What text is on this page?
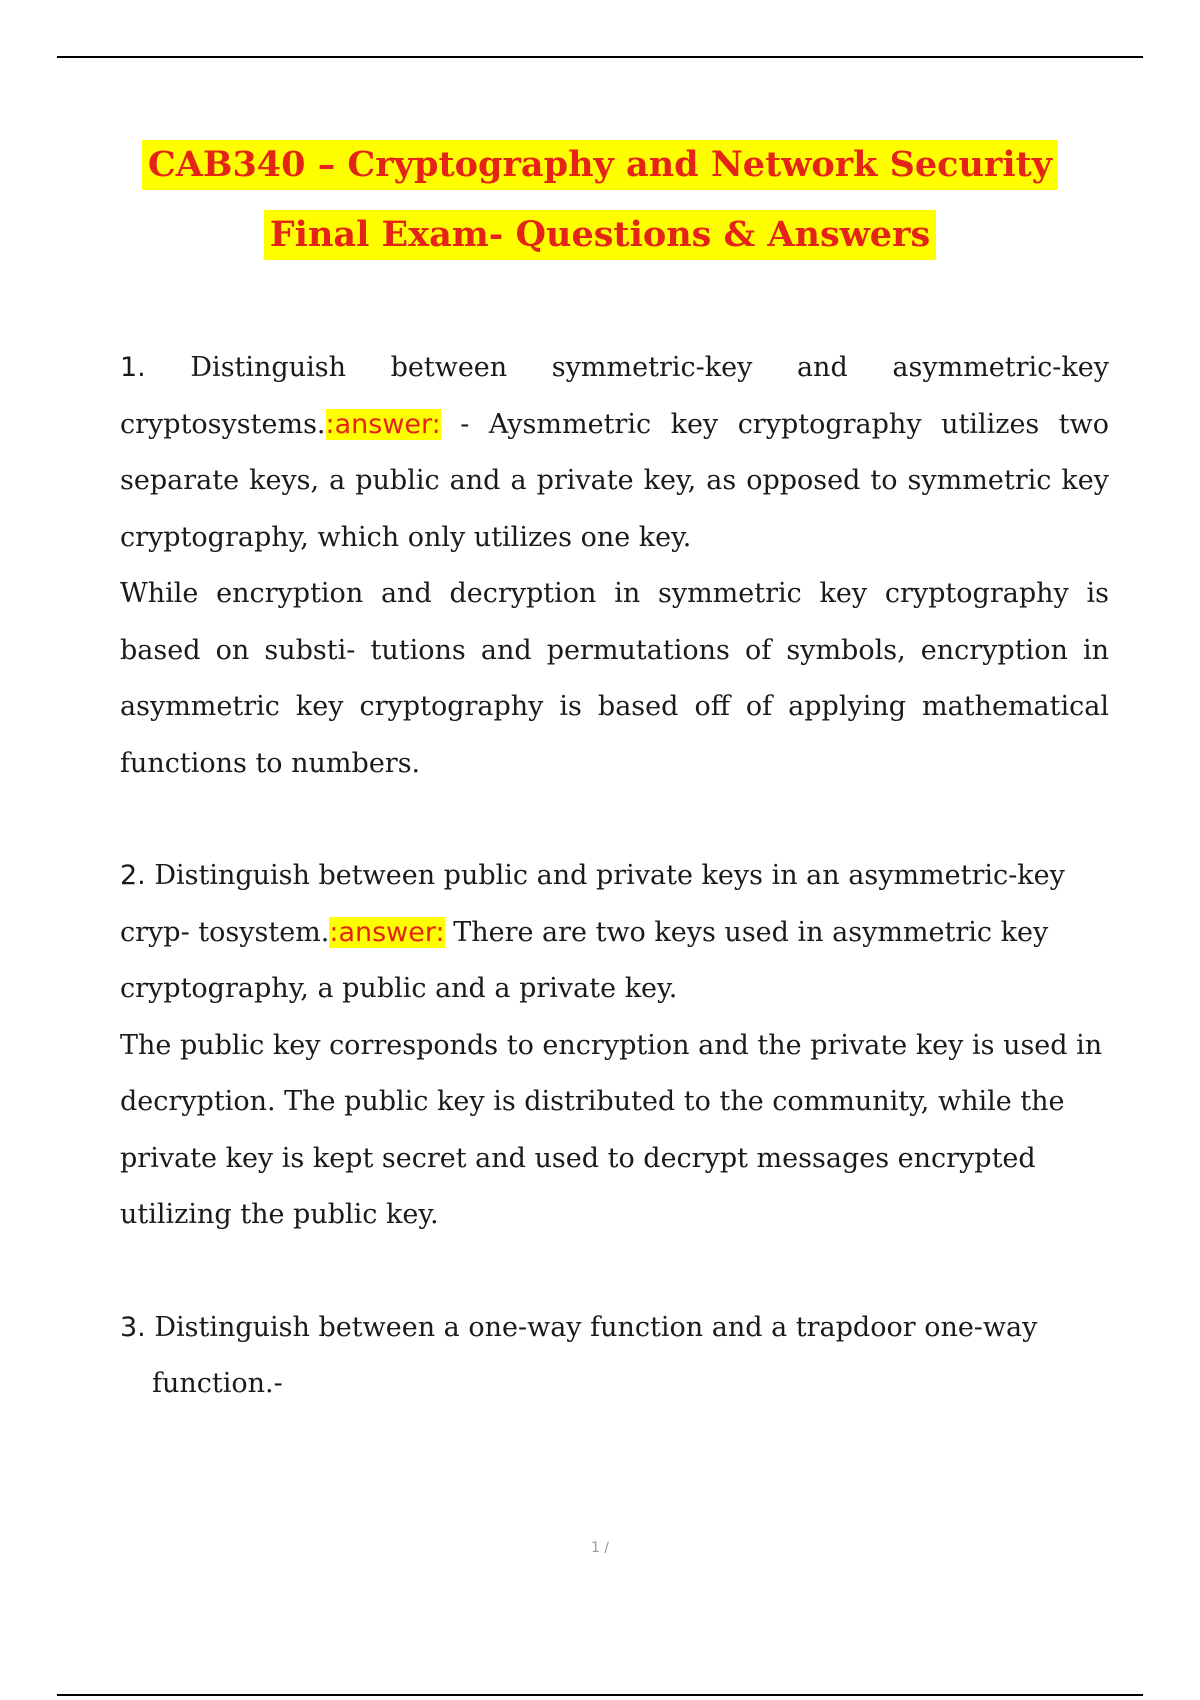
CAB340 – Cryptography and Network Security
Final Exam- Questions & Answers

1. Distinguish between symmetric-key and asymmetric-key cryptosystems.:answer: - Aysmmetric key cryptography utilizes two separate keys, a public and a private key, as opposed to symmetric key cryptography, which only utilizes one key.

While encryption and decryption in symmetric key cryptography is based on substi- tutions and permutations of symbols, encryption in asymmetric key cryptography is based off of applying mathematical functions to numbers.

2. Distinguish between public and private keys in an asymmetric-key cryp- tosystem.:answer: There are two keys used in asymmetric key cryptography, a public and a private key.

The public key corresponds to encryption and the private key is used in decryption. The public key is distributed to the community, while the private key is kept secret and used to decrypt messages encrypted utilizing the public key.

3. Distinguish between a one-way function and a trapdoor one-way function.-

1 /
